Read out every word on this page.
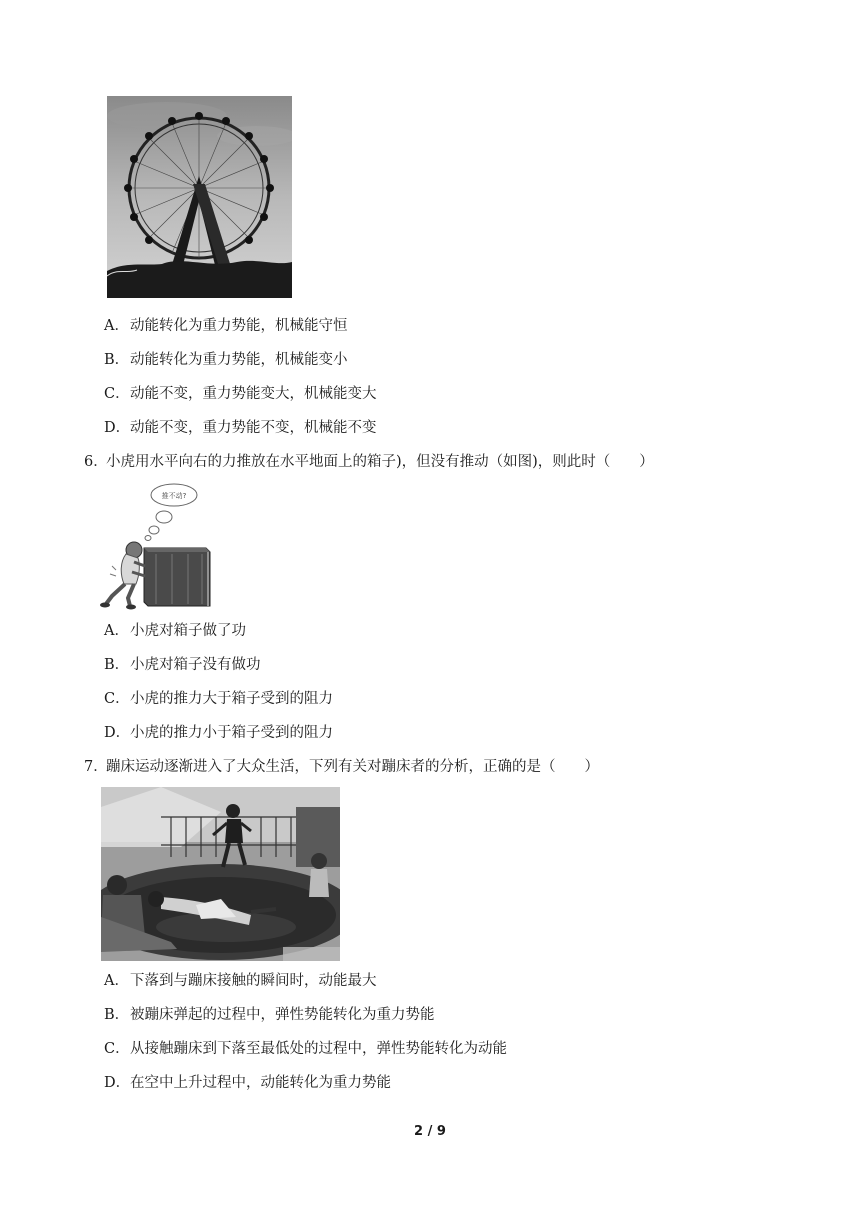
A．动能转化为重力势能，机械能守恒
B．动能转化为重力势能，机械能变小
C．动能不变，重力势能变大，机械能变大
D．动能不变，重力势能不变，机械能不变
6．小虎用水平向右的力推放在水平地面上的箱子)，但没有推动（如图)，则此时（　　）
推不动?
A．小虎对箱子做了功
B．小虎对箱子没有做功
C．小虎的推力大于箱子受到的阻力
D．小虎的推力小于箱子受到的阻力
7．蹦床运动逐渐进入了大众生活，下列有关对蹦床者的分析，正确的是（　　）
A．下落到与蹦床接触的瞬间时，动能最大
B．被蹦床弹起的过程中，弹性势能转化为重力势能
C．从接触蹦床到下落至最低处的过程中，弹性势能转化为动能
D．在空中上升过程中，动能转化为重力势能
2 / 9
